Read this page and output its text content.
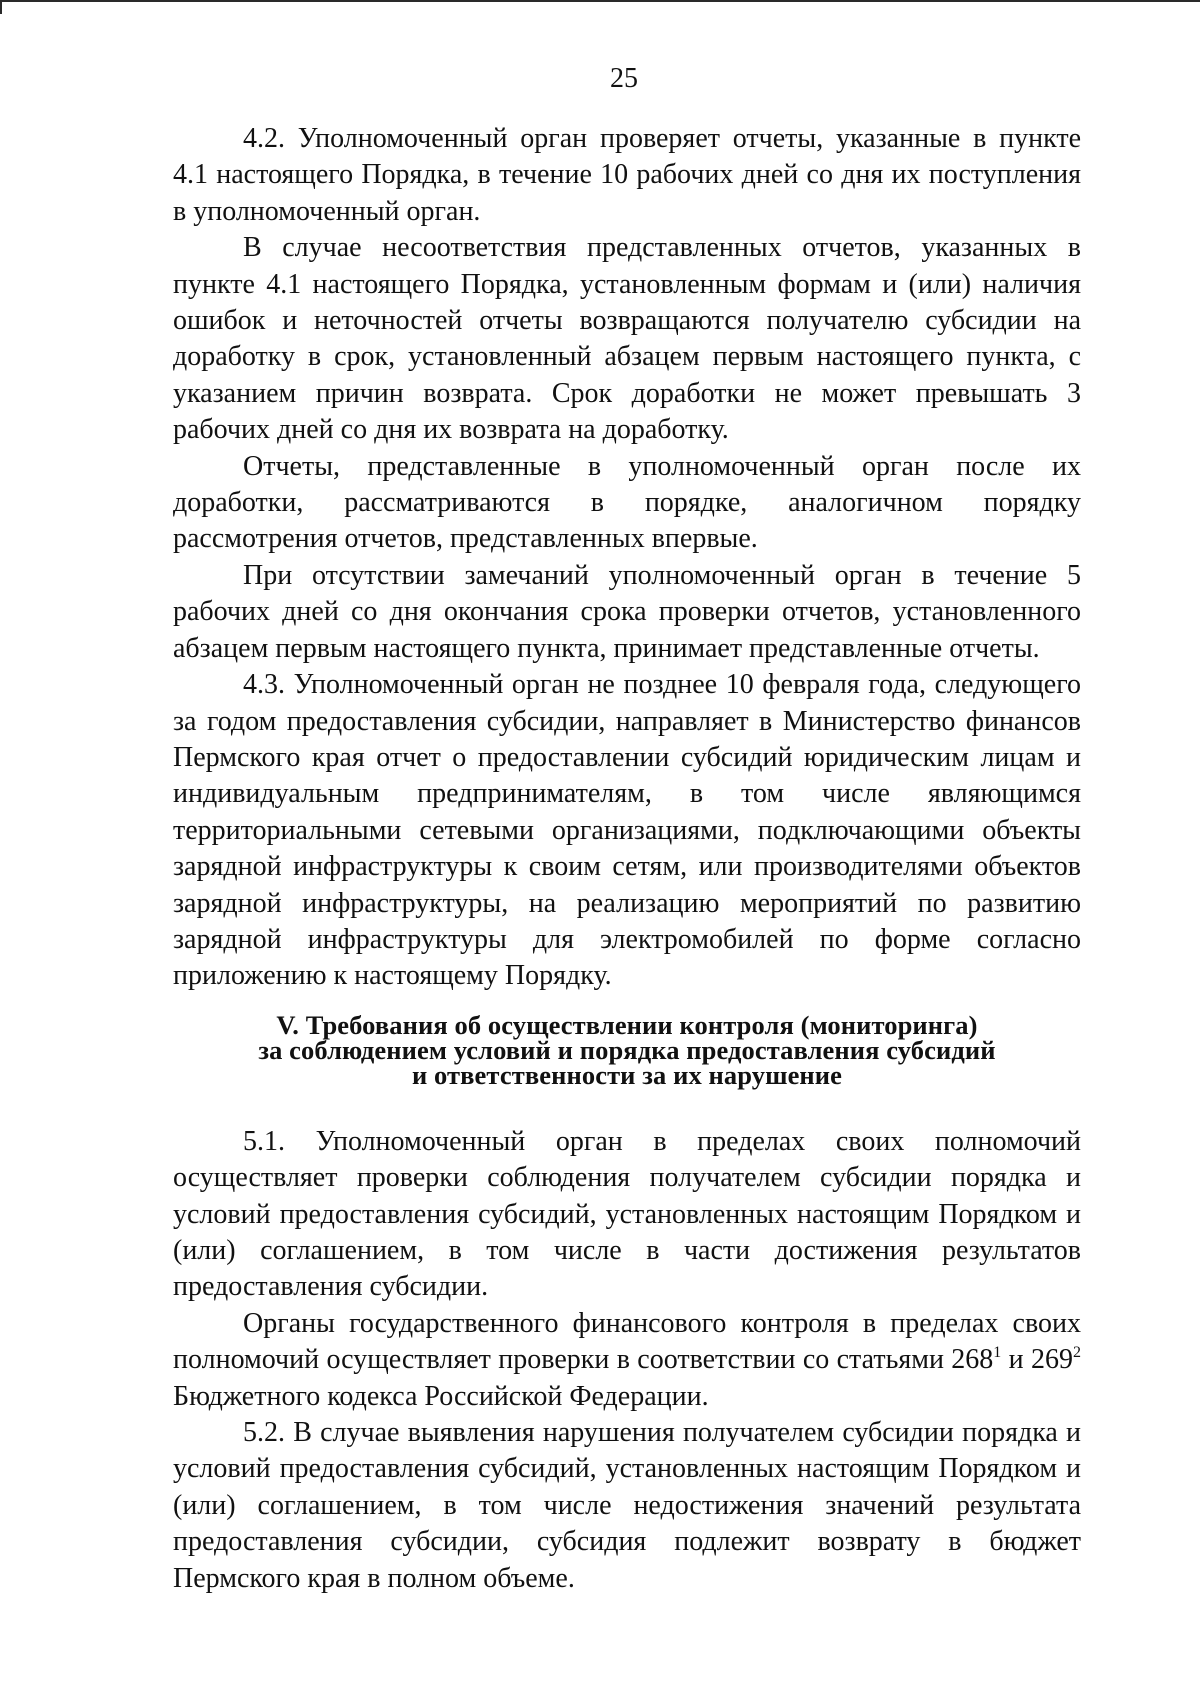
25

4.2. Уполномоченный орган проверяет отчеты, указанные в пункте 4.1 настоящего Порядка, в течение 10 рабочих дней со дня их поступления в уполномоченный орган.

В случае несоответствия представленных отчетов, указанных в пункте 4.1 настоящего Порядка, установленным формам и (или) наличия ошибок и неточностей отчеты возвращаются получателю субсидии на доработку в срок, установленный абзацем первым настоящего пункта, с указанием причин возврата. Срок доработки не может превышать 3 рабочих дней со дня их возврата на доработку.

Отчеты, представленные в уполномоченный орган после их доработки, рассматриваются в порядке, аналогичном порядку рассмотрения отчетов, представленных впервые.

При отсутствии замечаний уполномоченный орган в течение 5 рабочих дней со дня окончания срока проверки отчетов, установленного абзацем первым настоящего пункта, принимает представленные отчеты.

4.3. Уполномоченный орган не позднее 10 февраля года, следующего за годом предоставления субсидии, направляет в Министерство финансов Пермского края отчет о предоставлении субсидий юридическим лицам и индивидуальным предпринимателям, в том числе являющимся территориальными сетевыми организациями, подключающими объекты зарядной инфраструктуры к своим сетям, или производителями объектов зарядной инфраструктуры, на реализацию мероприятий по развитию зарядной инфраструктуры для электромобилей по форме согласно приложению к настоящему Порядку.

V. Требования об осуществлении контроля (мониторинга)
за соблюдением условий и порядка предоставления субсидий
и ответственности за их нарушение

5.1. Уполномоченный орган в пределах своих полномочий осуществляет проверки соблюдения получателем субсидии порядка и условий предоставления субсидий, установленных настоящим Порядком и (или) соглашением, в том числе в части достижения результатов предоставления субсидии.

Органы государственного финансового контроля в пределах своих полномочий осуществляет проверки в соответствии со статьями $268^1$ и $269^2$ Бюджетного кодекса Российской Федерации.

5.2. В случае выявления нарушения получателем субсидии порядка и условий предоставления субсидий, установленных настоящим Порядком и (или) соглашением, в том числе недостижения значений результата предоставления субсидии, субсидия подлежит возврату в бюджет Пермского края в полном объеме.
